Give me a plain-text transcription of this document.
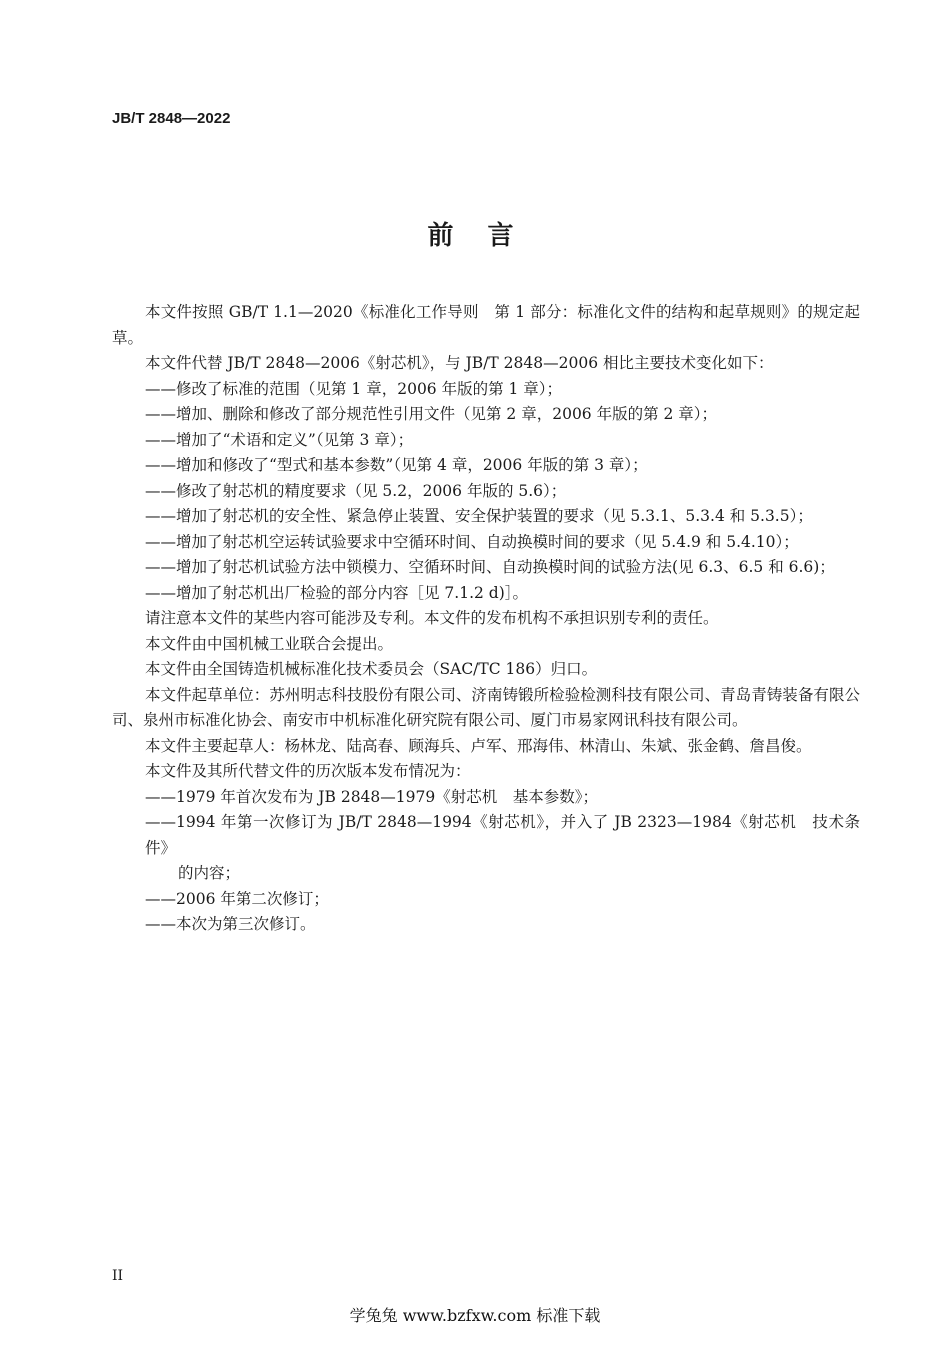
JB/T 2848—2022
前言

本文件按照 GB/T 1.1—2020《标准化工作导则　第 1 部分：标准化文件的结构和起草规则》的规定起草。

本文件代替 JB/T 2848—2006《射芯机》，与 JB/T 2848—2006 相比主要技术变化如下：

——修改了标准的范围（见第 1 章，2006 年版的第 1 章）；

——增加、删除和修改了部分规范性引用文件（见第 2 章，2006 年版的第 2 章）；

——增加了“术语和定义”（见第 3 章）；

——增加和修改了“型式和基本参数”（见第 4 章，2006 年版的第 3 章）；

——修改了射芯机的精度要求（见 5.2，2006 年版的 5.6）；

——增加了射芯机的安全性、紧急停止装置、安全保护装置的要求（见 5.3.1、5.3.4 和 5.3.5）；

——增加了射芯机空运转试验要求中空循环时间、自动换模时间的要求（见 5.4.9 和 5.4.10）；

——增加了射芯机试验方法中锁模力、空循环时间、自动换模时间的试验方法(见 6.3、6.5 和 6.6)；

——增加了射芯机出厂检验的部分内容［见 7.1.2 d)］。

请注意本文件的某些内容可能涉及专利。本文件的发布机构不承担识别专利的责任。

本文件由中国机械工业联合会提出。

本文件由全国铸造机械标准化技术委员会（SAC/TC 186）归口。

本文件起草单位：苏州明志科技股份有限公司、济南铸锻所检验检测科技有限公司、青岛青铸装备有限公司、泉州市标准化协会、南安市中机标准化研究院有限公司、厦门市易家网讯科技有限公司。

本文件主要起草人：杨林龙、陆高春、顾海兵、卢军、邢海伟、林清山、朱斌、张金鹤、詹昌俊。

本文件及其所代替文件的历次版本发布情况为：

——1979 年首次发布为 JB 2848—1979《射芯机　基本参数》；

——1994 年第一次修订为 JB/T 2848—1994《射芯机》，并入了 JB 2323—1984《射芯机　技术条件》
的内容；

——2006 年第二次修订；

——本次为第三次修订。

II
学兔兔 www.bzfxw.com 标准下载
